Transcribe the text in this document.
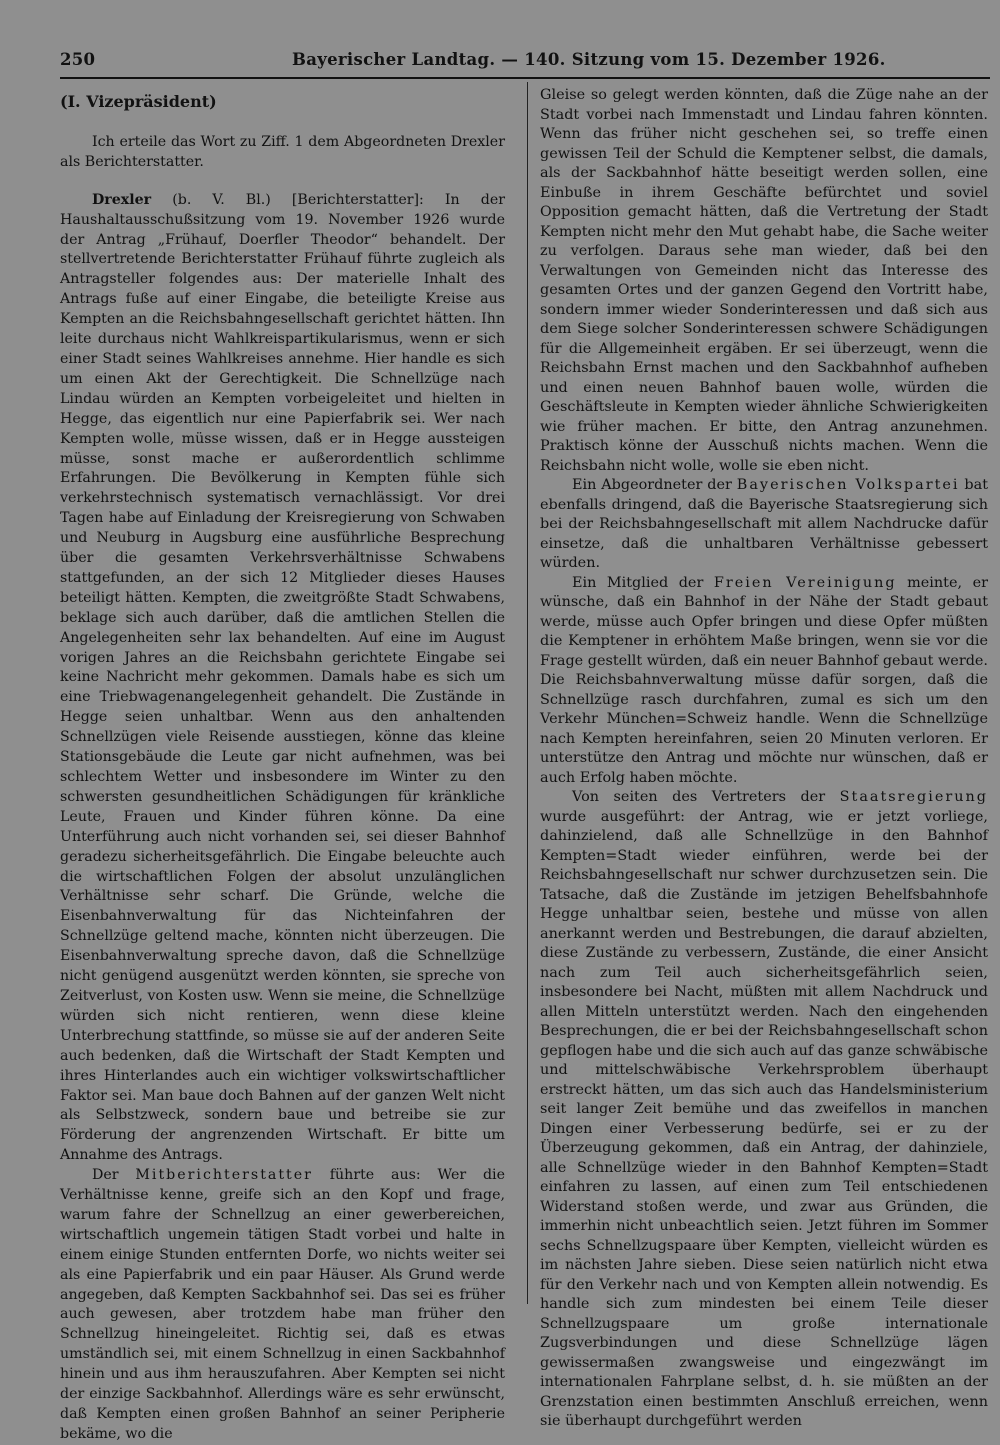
250	Bayerischer Landtag. — 140. Sitzung vom 15. Dezember 1926.
(I. Vizepräsident)

Ich erteile das Wort zu Ziff. 1 dem Abgeordneten Drexler als Berichterstatter.

Drexler (b. V. Bl.) [Berichterstatter]: In der Haushaltausschußsitzung vom 19. November 1926 wurde der Antrag „Frühauf, Doerfler Theodor“ behandelt. Der stellvertretende Berichterstatter Frühauf führte zugleich als Antragsteller folgendes aus: Der materielle Inhalt des Antrags fuße auf einer Eingabe, die beteiligte Kreise aus Kempten an die Reichsbahngesellschaft gerichtet hätten. Ihn leite durchaus nicht Wahlkreispartikularismus, wenn er sich einer Stadt seines Wahlkreises annehme. Hier handle es sich um einen Akt der Gerechtigkeit. Die Schnellzüge nach Lindau würden an Kempten vorbeigeleitet und hielten in Hegge, das eigentlich nur eine Papierfabrik sei. Wer nach Kempten wolle, müsse wissen, daß er in Hegge aussteigen müsse, sonst mache er außerordentlich schlimme Erfahrungen. Die Bevölkerung in Kempten fühle sich verkehrstechnisch systematisch vernachlässigt. Vor drei Tagen habe auf Einladung der Kreisregierung von Schwaben und Neuburg in Augsburg eine ausführliche Besprechung über die gesamten Verkehrsverhältnisse Schwabens stattgefunden, an der sich 12 Mitglieder dieses Hauses beteiligt hätten. Kempten, die zweitgrößte Stadt Schwabens, beklage sich auch darüber, daß die amtlichen Stellen die Angelegenheiten sehr lax behandelten. Auf eine im August vorigen Jahres an die Reichsbahn gerichtete Eingabe sei keine Nachricht mehr gekommen. Damals habe es sich um eine Triebwagenangelegenheit gehandelt. Die Zustände in Hegge seien unhaltbar. Wenn aus den anhaltenden Schnellzügen viele Reisende ausstiegen, könne das kleine Stationsgebäude die Leute gar nicht aufnehmen, was bei schlechtem Wetter und insbesondere im Winter zu den schwersten gesundheitlichen Schädigungen für kränkliche Leute, Frauen und Kinder führen könne. Da eine Unterführung auch nicht vorhanden sei, sei dieser Bahnhof geradezu sicherheitsgefährlich. Die Eingabe beleuchte auch die wirtschaftlichen Folgen der absolut unzulänglichen Verhältnisse sehr scharf. Die Gründe, welche die Eisenbahnverwaltung für das Nichteinfahren der Schnellzüge geltend mache, könnten nicht überzeugen. Die Eisenbahnverwaltung spreche davon, daß die Schnellzüge nicht genügend ausgenützt werden könnten, sie spreche von Zeitverlust, von Kosten usw. Wenn sie meine, die Schnellzüge würden sich nicht rentieren, wenn diese kleine Unterbrechung stattfinde, so müsse sie auf der anderen Seite auch bedenken, daß die Wirtschaft der Stadt Kempten und ihres Hinterlandes auch ein wichtiger volkswirtschaftlicher Faktor sei. Man baue doch Bahnen auf der ganzen Welt nicht als Selbstzweck, sondern baue und betreibe sie zur Förderung der angrenzenden Wirtschaft. Er bitte um Annahme des Antrags.

Der Mitberichterstatter führte aus: Wer die Verhältnisse kenne, greife sich an den Kopf und frage, warum fahre der Schnellzug an einer gewerbereichen, wirtschaftlich ungemein tätigen Stadt vorbei und halte in einem einige Stunden entfernten Dorfe, wo nichts weiter sei als eine Papierfabrik und ein paar Häuser. Als Grund werde angegeben, daß Kempten Sackbahnhof sei. Das sei es früher auch gewesen, aber trotzdem habe man früher den Schnellzug hineingeleitet. Richtig sei, daß es etwas umständlich sei, mit einem Schnellzug in einen Sackbahnhof hinein und aus ihm herauszufahren. Aber Kempten sei nicht der einzige Sackbahnhof. Allerdings wäre es sehr erwünscht, daß Kempten einen großen Bahnhof an seiner Peripherie bekäme, wo die

Gleise so gelegt werden könnten, daß die Züge nahe an der Stadt vorbei nach Immenstadt und Lindau fahren könnten. Wenn das früher nicht geschehen sei, so treffe einen gewissen Teil der Schuld die Kemptener selbst, die damals, als der Sackbahnhof hätte beseitigt werden sollen, eine Einbuße in ihrem Geschäfte befürchtet und soviel Opposition gemacht hätten, daß die Vertretung der Stadt Kempten nicht mehr den Mut gehabt habe, die Sache weiter zu verfolgen. Daraus sehe man wieder, daß bei den Verwaltungen von Gemeinden nicht das Interesse des gesamten Ortes und der ganzen Gegend den Vortritt habe, sondern immer wieder Sonderinteressen und daß sich aus dem Siege solcher Sonderinteressen schwere Schädigungen für die Allgemeinheit ergäben. Er sei überzeugt, wenn die Reichsbahn Ernst machen und den Sackbahnhof aufheben und einen neuen Bahnhof bauen wolle, würden die Geschäftsleute in Kempten wieder ähnliche Schwierigkeiten wie früher machen. Er bitte, den Antrag anzunehmen. Praktisch könne der Ausschuß nichts machen. Wenn die Reichsbahn nicht wolle, wolle sie eben nicht.

Ein Abgeordneter der Bayerischen Volkspartei bat ebenfalls dringend, daß die Bayerische Staatsregierung sich bei der Reichsbahngesellschaft mit allem Nachdrucke dafür einsetze, daß die unhaltbaren Verhältnisse gebessert würden.

Ein Mitglied der Freien Vereinigung meinte, er wünsche, daß ein Bahnhof in der Nähe der Stadt gebaut werde, müsse auch Opfer bringen und diese Opfer müßten die Kemptener in erhöhtem Maße bringen, wenn sie vor die Frage gestellt würden, daß ein neuer Bahnhof gebaut werde. Die Reichsbahnverwaltung müsse dafür sorgen, daß die Schnellzüge rasch durchfahren, zumal es sich um den Verkehr München=Schweiz handle. Wenn die Schnellzüge nach Kempten hereinfahren, seien 20 Minuten verloren. Er unterstütze den Antrag und möchte nur wünschen, daß er auch Erfolg haben möchte.

Von seiten des Vertreters der Staatsregierung wurde ausgeführt: der Antrag, wie er jetzt vorliege, dahinzielend, daß alle Schnellzüge in den Bahnhof Kempten=Stadt wieder einführen, werde bei der Reichsbahngesellschaft nur schwer durchzusetzen sein. Die Tatsache, daß die Zustände im jetzigen Behelfsbahnhofe Hegge unhaltbar seien, bestehe und müsse von allen anerkannt werden und Bestrebungen, die darauf abzielten, diese Zustände zu verbessern, Zustände, die einer Ansicht nach zum Teil auch sicherheitsgefährlich seien, insbesondere bei Nacht, müßten mit allem Nachdruck und allen Mitteln unterstützt werden. Nach den eingehenden Besprechungen, die er bei der Reichsbahngesellschaft schon gepflogen habe und die sich auch auf das ganze schwäbische und mittelschwäbische Verkehrsproblem überhaupt erstreckt hätten, um das sich auch das Handelsministerium seit langer Zeit bemühe und das zweifellos in manchen Dingen einer Verbesserung bedürfe, sei er zu der Überzeugung gekommen, daß ein Antrag, der dahinziele, alle Schnellzüge wieder in den Bahnhof Kempten=Stadt einfahren zu lassen, auf einen zum Teil entschiedenen Widerstand stoßen werde, und zwar aus Gründen, die immerhin nicht unbeachtlich seien. Jetzt führen im Sommer sechs Schnellzugspaare über Kempten, vielleicht würden es im nächsten Jahre sieben. Diese seien natürlich nicht etwa für den Verkehr nach und von Kempten allein notwendig. Es handle sich zum mindesten bei einem Teile dieser Schnellzugspaare um große internationale Zugsverbindungen und diese Schnellzüge lägen gewissermaßen zwangsweise und eingezwängt im internationalen Fahrplane selbst, d. h. sie müßten an der Grenzstation einen bestimmten Anschluß erreichen, wenn sie überhaupt durchgeführt werden
